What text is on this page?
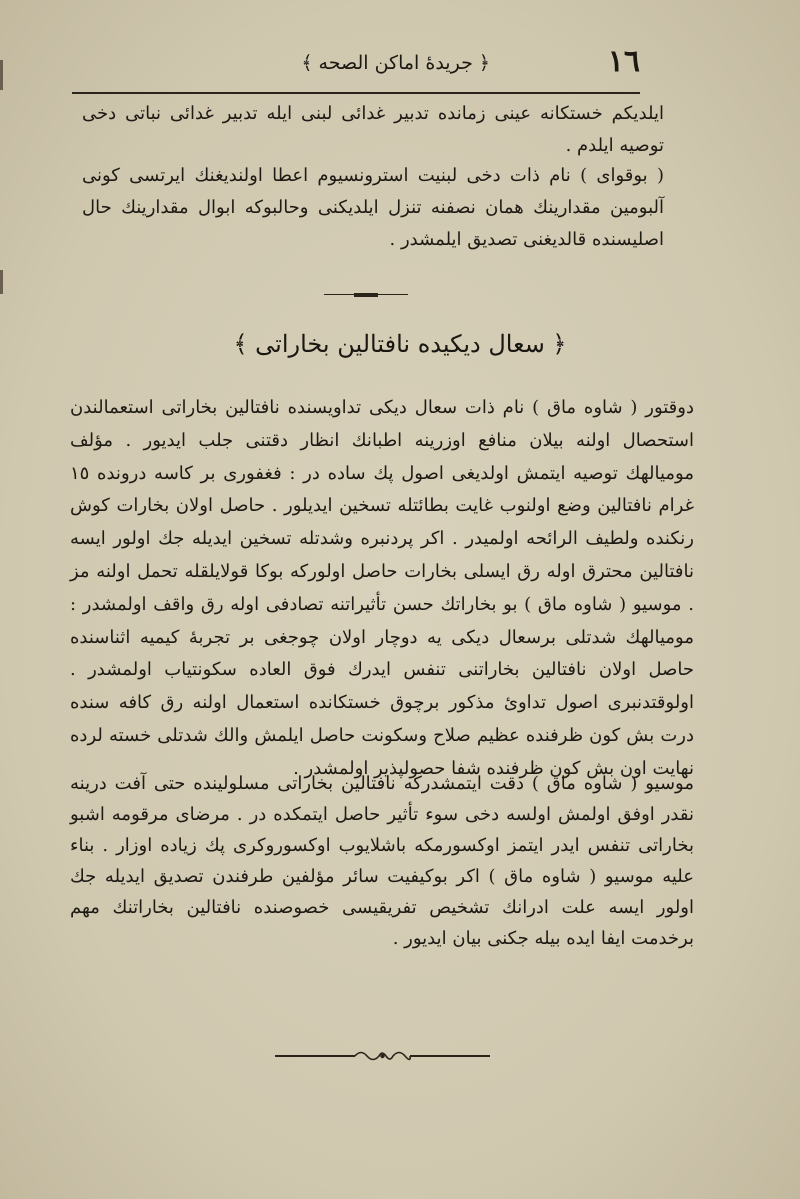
١٦
﴿ جريدهٔ اماكن الصحه ﴾
ايلديكم خستكانه عينى زمانده تدبير غدائى لبنى ايله تدبير غدائى نباتى دخى توصيه ايلدم .
( بوقواى ) نام ذات دخى لبنيت استرونسيوم اعطا اولنديغنك ايرتسى كونى آلبومين مقدارينك همان نصفنه تنزل ايلديكنى وحالبوكه ابوال مقدارينك حال اصليسنده قالديغنى تصديق ايلمشدر .
﴿ سعال ديكيده نافتالين بخاراتى ﴾
دوقتور ( شاوه ماق ) نام ذات سعال ديكى تداويسنده نافتالين بخاراتى استعمالندن استحصال اولنه بيلان منافع اوزرينه اطبانك انظار دقتنى جلب ايديور . مؤلف موميالهك توصيه ايتمش اولديغى اصول پك ساده در : فغفورى بر كاسه درونده ١٥ غرام نافتالين وضع اولنوب غايت بطائتله تسخين ايديلور . حاصل اولان بخارات كوش رنكنده ولطيف الرائحه اولميدر . اكر پردنبره وشدتله تسخين ايديله جك اولور ايسه نافتالين محترق اوله رق ايسلى بخارات حاصل اولوركه بوكا قولايلقله تحمل اولنه مز . موسيو ( شاوه ماق ) بو بخاراتك حسن تأثيراتنه تصادفى اوله رق واقف اولمشدر : موميالهك شدتلى برسعال ديكى يه دوچار اولان چوجغى بر تجربهٔ كيميه اثناسنده حاصل اولان نافتالين بخاراتنى تنفس ايدرك فوق العاده سكونتياب اولمشدر . اولوقتدنبرى اصول تداوئ مذكور برچوق خستكانده استعمال اولنه رق كافه سنده درت بش كون ظرفنده عظيم صلاح وسكونت حاصل ايلمش والك شدتلى خسته لرده نهايت اون بش كون ظرفنده شفا حصولپذير اولمشدر .
موسيو ( شاوه ماق ) دقت ايتمشدركه نافتالين بخاراتى مسلولينده حتى آفت درينه نقدر اوفق اولمش اولسه دخى سوء تأثير حاصل ايتمكده در . مرضاى مرقومه اشبو بخاراتى تنفس ايدر ايتمز اوكسورمكه باشلايوب اوكسوروكرى پك زياده اوزار . بناء عليه موسيو ( شاوه ماق ) اكر بوكيفيت سائر مؤلفين طرفندن تصديق ايديله جك اولور ايسه علت ادرانك تشخيص تفريقيسى خصوصنده نافتالين بخاراتنك مهم برخدمت ايفا ايده بيله جكنى بيان ايديور .
